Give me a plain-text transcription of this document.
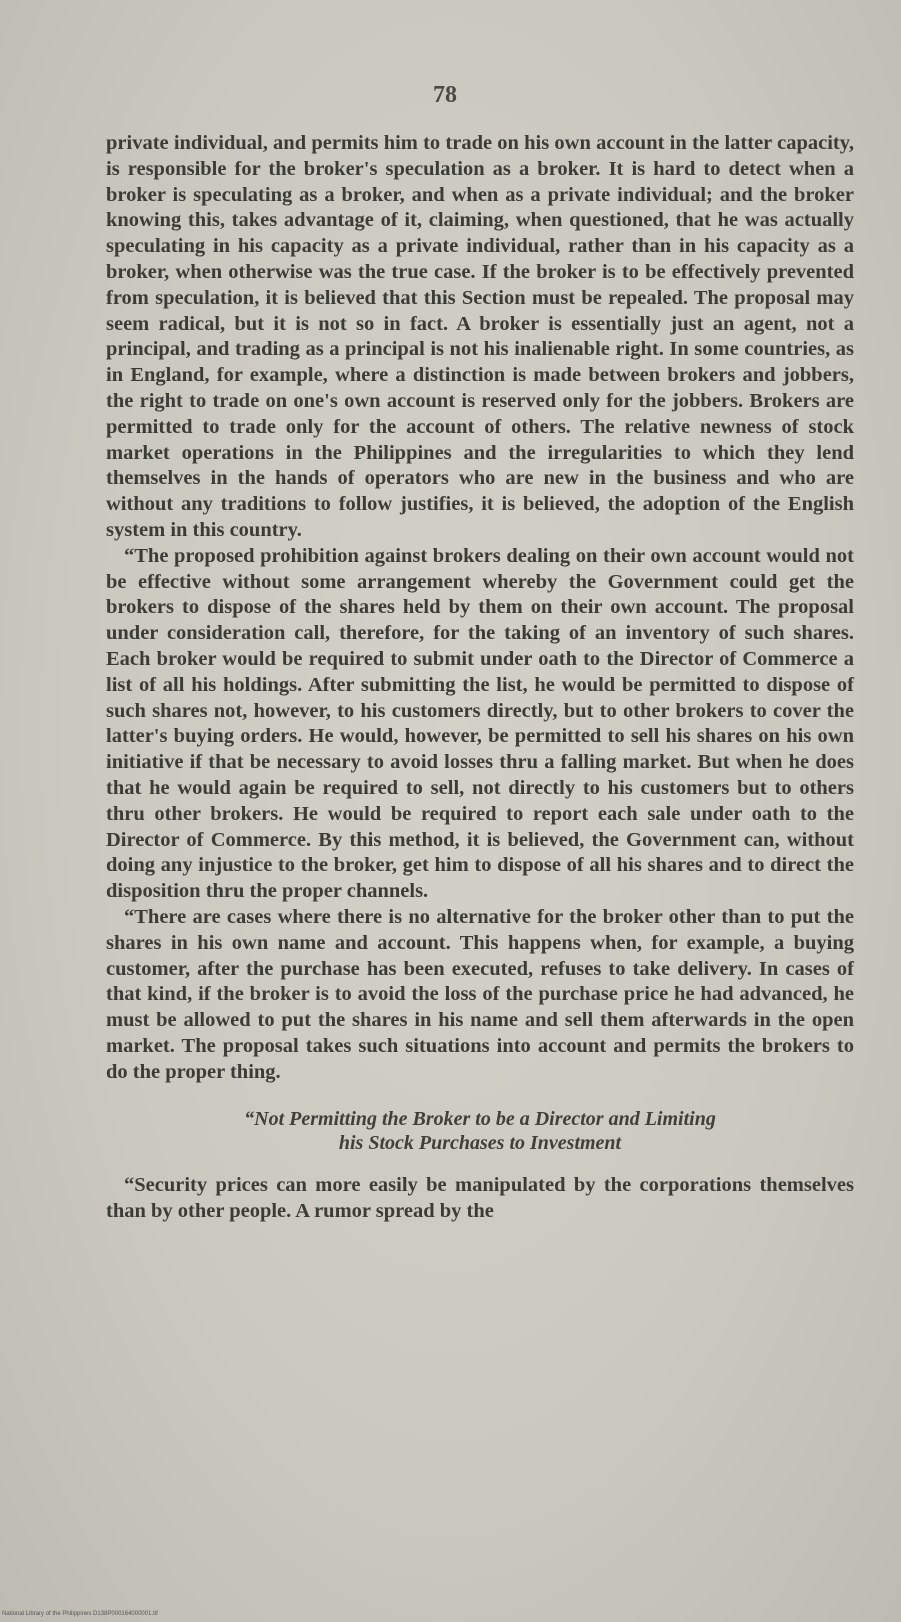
78

private individual, and permits him to trade on his own account in the latter capacity, is responsible for the broker's speculation as a broker. It is hard to detect when a broker is speculating as a broker, and when as a private individual; and the broker knowing this, takes advantage of it, claiming, when questioned, that he was actually speculating in his capacity as a private individual, rather than in his capacity as a broker, when otherwise was the true case. If the broker is to be effectively prevented from speculation, it is believed that this Section must be repealed. The proposal may seem radical, but it is not so in fact. A broker is essentially just an agent, not a principal, and trading as a principal is not his inalienable right. In some countries, as in England, for example, where a distinction is made between brokers and jobbers, the right to trade on one's own account is reserved only for the jobbers. Brokers are permitted to trade only for the account of others. The relative newness of stock market operations in the Philippines and the irregularities to which they lend themselves in the hands of operators who are new in the business and who are without any traditions to follow justifies, it is believed, the adoption of the English system in this country.

“The proposed prohibition against brokers dealing on their own account would not be effective without some arrangement whereby the Government could get the brokers to dispose of the shares held by them on their own account. The proposal under consideration call, therefore, for the taking of an inventory of such shares. Each broker would be required to submit under oath to the Director of Commerce a list of all his holdings. After submitting the list, he would be permitted to dispose of such shares not, however, to his customers directly, but to other brokers to cover the latter's buying orders. He would, however, be permitted to sell his shares on his own initiative if that be necessary to avoid losses thru a falling market. But when he does that he would again be required to sell, not directly to his customers but to others thru other brokers. He would be required to report each sale under oath to the Director of Commerce. By this method, it is believed, the Government can, without doing any injustice to the broker, get him to dispose of all his shares and to direct the disposition thru the proper channels.

“There are cases where there is no alternative for the broker other than to put the shares in his own name and account. This happens when, for example, a buying customer, after the purchase has been executed, refuses to take delivery. In cases of that kind, if the broker is to avoid the loss of the purchase price he had advanced, he must be allowed to put the shares in his name and sell them afterwards in the open market. The proposal takes such situations into account and permits the brokers to do the proper thing.

“Not Permitting the Broker to be a Director and Limiting
his Stock Purchases to Investment

“Security prices can more easily be manipulated by the corporations themselves than by other people. A rumor spread by the

National Library of the Philippines D138P000164000001.tif
